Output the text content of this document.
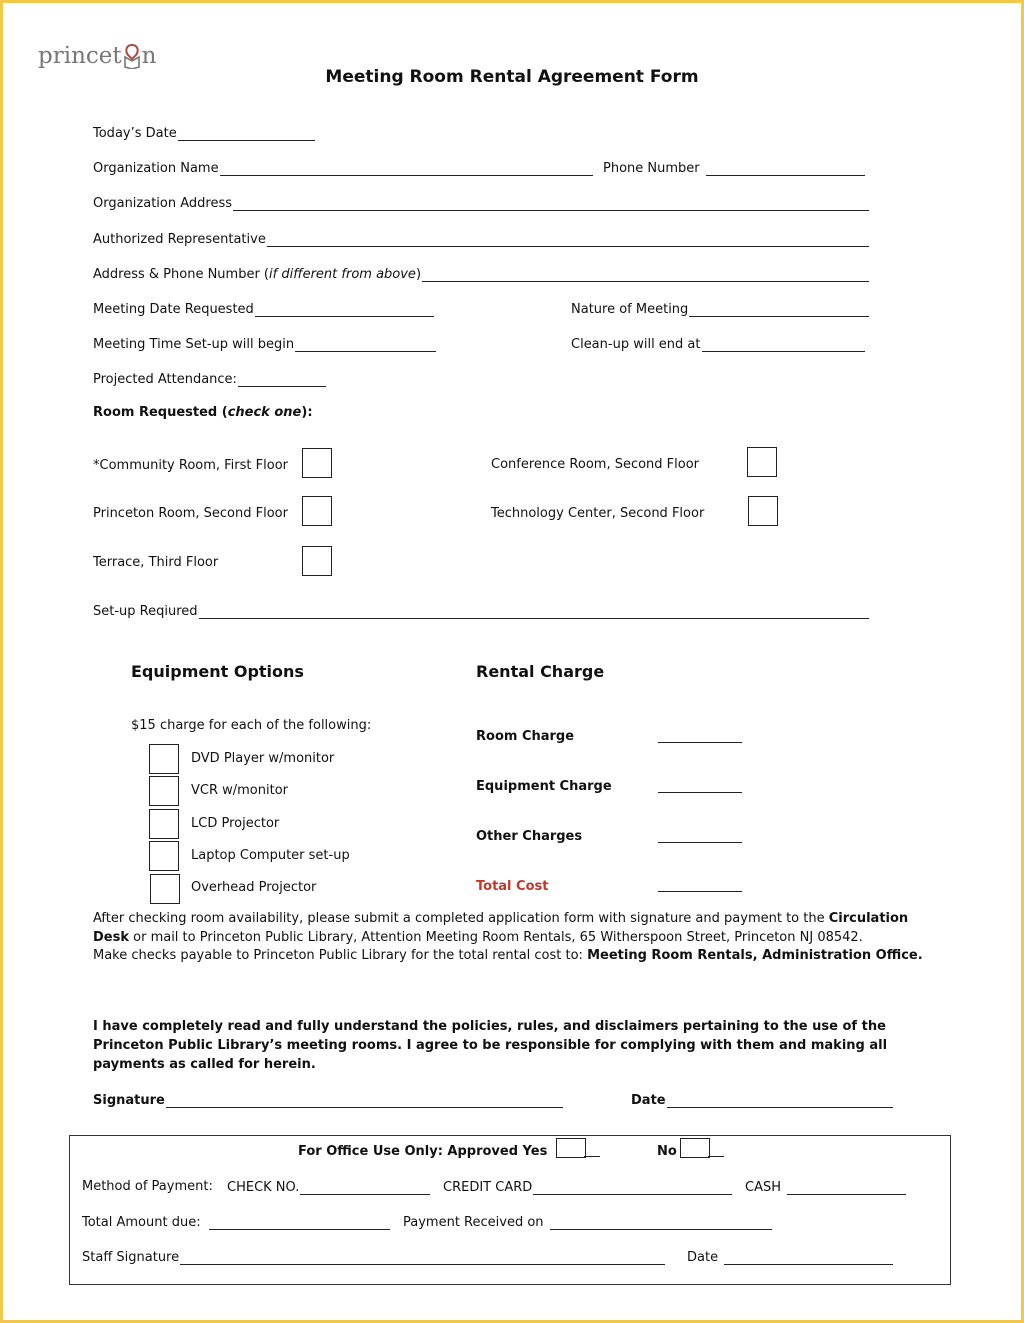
princet n
Meeting Room Rental Agreement Form
Today’s Date
Organization Name	Phone Number
Organization Address
Authorized Representative
Address & Phone Number (if different from above)
Meeting Date Requested	Nature of Meeting
Meeting Time Set-up will begin	Clean-up will end at
Projected Attendance:
Room Requested (check one):
*Community Room, First Floor
Princeton Room, Second Floor
Terrace, Third Floor
Conference Room, Second Floor
Technology Center, Second Floor
Set-up Reqiured
Equipment Options
$15 charge for each of the following:
DVD Player w/monitor
VCR w/monitor
LCD Projector
Laptop Computer set-up
Overhead Projector
Rental Charge
Room Charge
Equipment Charge
Other Charges
Total Cost
After checking room availability, please submit a completed application form with signature and payment to the Circulation Desk or mail to Princeton Public Library, Attention Meeting Room Rentals, 65 Witherspoon Street, Princeton NJ 08542.
Make checks payable to Princeton Public Library for the total rental cost to: Meeting Room Rentals, Administration Office.
I have completely read and fully understand the policies, rules, and disclaimers pertaining to the use of the Princeton Public Library’s meeting rooms. I agree to be responsible for complying with them and making all payments as called for herein.
Signature	Date
For Office Use Only: Approved Yes	No
Method of Payment: CHECK NO.	CREDIT CARD	CASH
Total Amount due:	Payment Received on
Staff Signature	Date
